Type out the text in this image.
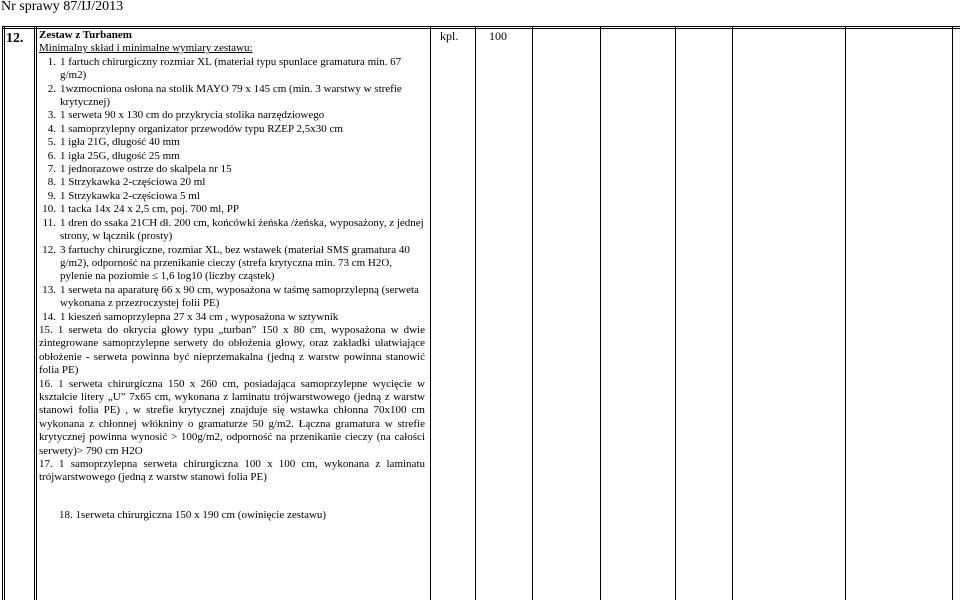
Nr sprawy 87/IJ/2013
12. Zestaw z Turbanem
Minimalny skład i minimalne wymiary zestawu:
1. 1 fartuch chirurgiczny rozmiar XL (materiał typu spunlace gramatura min. 67 g/m2)
2. 1wzmocniona osłona na stolik MAYO 79 x 145 cm (min. 3 warstwy w strefie krytycznej)
3. 1 serweta 90 x 130 cm do przykrycia stolika narzędziowego
4. 1 samoprzylepny organizator przewodów typu RZEP 2,5x30 cm
5. 1 igła 21G, długość 40 mm
6. 1 igła 25G, długość 25 mm
7. 1 jednorazowe ostrze do skalpela nr 15
8. 1 Strzykawka 2-częściowa 20 ml
9. 1 Strzykawka 2-częściowa 5 ml
10. 1 tacka 14x 24 x 2,5 cm, poj. 700 ml, PP
11. 1 dren do ssaka 21CH dł. 200 cm, końcówki żeńska /żeńska, wyposażony, z jednej strony, w łącznik (prosty)
12. 3 fartuchy chirurgiczne, rozmiar XL, bez wstawek (materiał SMS gramatura 40 g/m2), odporność na przenikanie cieczy (strefa krytyczna min. 73 cm H2O, pylenie na poziomie ≤ 1,6 log10 (liczby cząstek)
13. 1 serweta na aparaturę 66 x 90 cm, wyposażona w taśmę samoprzylepną (serweta wykonana z przezroczystej folii PE)
14. 1 kieszeń samoprzylepna 27 x 34 cm , wyposażona w sztywnik
15. 1 serweta do okrycia głowy typu „turban” 150 x 80 cm, wyposażona w dwie zintegrowane samoprzylepne serwety do obłożenia głowy, oraz zakładki ułatwiające obłożenie - serweta powinna być nieprzemakalna (jedną z warstw powinna stanowić folia PE)
16. 1 serweta chirurgiczna 150 x 260 cm, posiadająca samoprzylepne wycięcie w kształcie litery „U” 7x65 cm, wykonana z laminatu trójwarstwowego (jedną z warstw stanowi folia PE) , w strefie krytycznej znajduje się wstawka chłonna 70x100 cm wykonana z chłonnej włókniny o gramaturze 50 g/m2. Łączna gramatura w strefie krytycznej powinna wynosić > 100g/m2, odporność na przenikanie cieczy (na całości serwety)> 790 cm H2O
17. 1 samoprzylepna serweta chirurgiczna 100 x 100 cm, wykonana z laminatu trójwarstwowego (jedną z warstw stanowi folia PE)
18. 1serweta chirurgiczna 150 x 190 cm (owinięcie zestawu)
kpl.	100
